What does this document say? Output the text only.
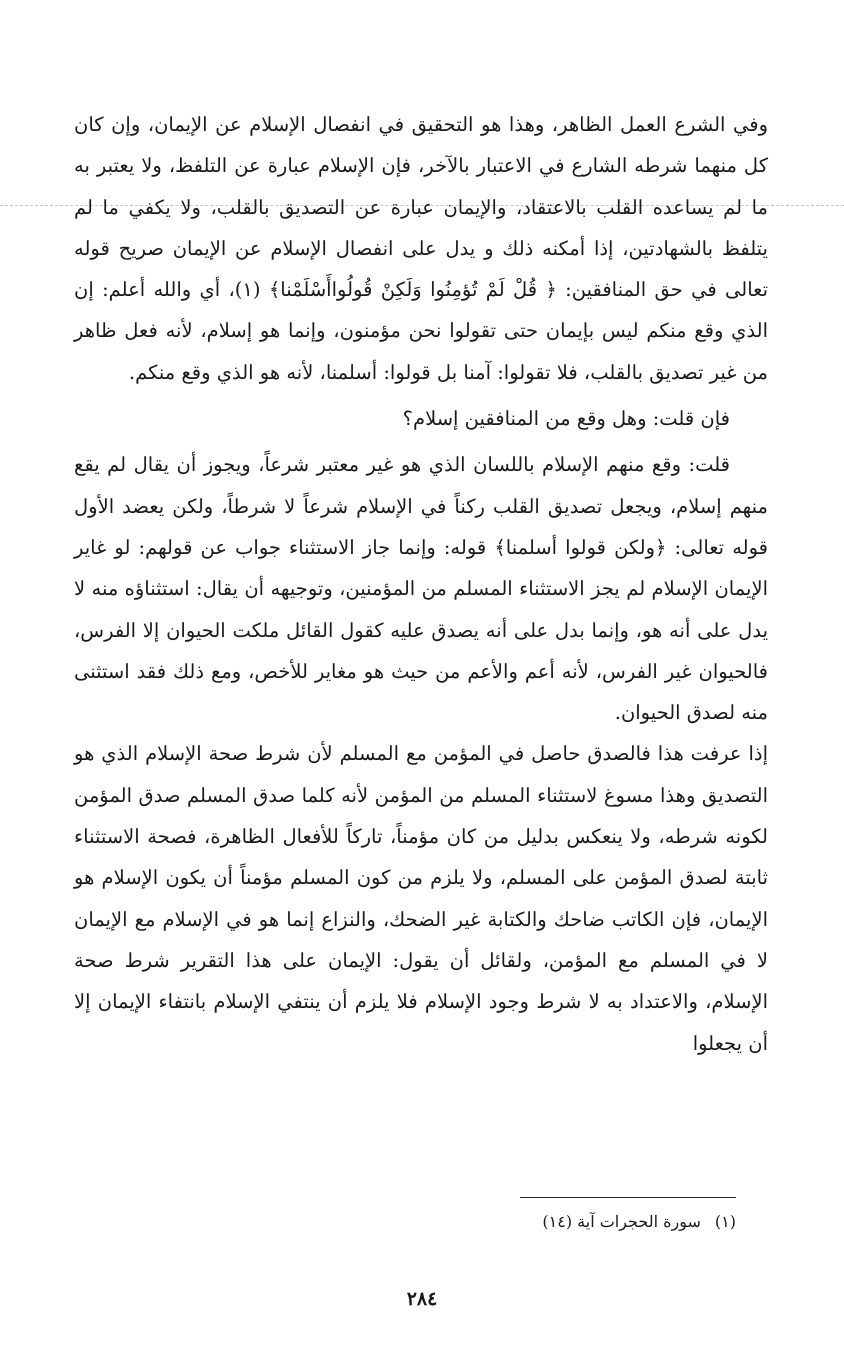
وفي الشرع العمل الظاهر، وهذا هو التحقيق في انفصال الإسلام عن الإيمان، وإن كان كل منهما شرطه الشارع في الاعتبار بالآخر، فإن الإسلام عبارة عن التلفظ، ولا يعتبر به ما لم يساعده القلب بالاعتقاد، والإيمان عبارة عن التصديق بالقلب، ولا يكفي ما لم يتلفظ بالشهادتين، إذا أمكنه ذلك و يدل على انفصال الإسلام عن الإيمان صريح قوله تعالى في حق المنافقين: ﴿ قُلْ لَمْ تُؤمِنُوا وَلَكِنْ قُولُواأَسْلَمْنا﴾ (١)، أي والله أعلم: إن الذي وقع منكم ليس بإيمان حتى تقولوا نحن مؤمنون، وإنما هو إسلام، لأنه فعل ظاهر من غير تصديق بالقلب، فلا تقولوا: آمنا بل قولوا: أسلمنا، لأنه هو الذي وقع منكم.

فإن قلت: وهل وقع من المنافقين إسلام؟

قلت: وقع منهم الإسلام باللسان الذي هو غير معتبر شرعاً، ويجوز أن يقال لم يقع منهم إسلام، ويجعل تصديق القلب ركناً في الإسلام شرعاً لا شرطاً، ولكن يعضد الأول قوله تعالى: ﴿ولكن قولوا أسلمنا﴾ قوله: وإنما جاز الاستثناء جواب عن قولهم: لو غاير الإيمان الإسلام لم يجز الاستثناء المسلم من المؤمنين، وتوجيهه أن يقال: استثناؤه منه لا يدل على أنه هو، وإنما بدل على أنه يصدق عليه كقول القائل ملكت الحيوان إلا الفرس، فالحيوان غير الفرس، لأنه أعم والأعم من حيث هو مغاير للأخص، ومع ذلك فقد استثنى منه لصدق الحيوان.

إذا عرفت هذا فالصدق حاصل في المؤمن مع المسلم لأن شرط صحة الإسلام الذي هو التصديق وهذا مسوغ لاستثناء المسلم من المؤمن لأنه كلما صدق المسلم صدق المؤمن لكونه شرطه، ولا ينعكس بدليل من كان مؤمناً، تاركاً للأفعال الظاهرة، فصحة الاستثناء ثابتة لصدق المؤمن على المسلم، ولا يلزم من كون المسلم مؤمناً أن يكون الإسلام هو الإيمان، فإن الكاتب ضاحك والكتابة غير الضحك، والنزاع إنما هو في الإسلام مع الإيمان لا في المسلم مع المؤمن، ولقائل أن يقول: الإيمان على هذا التقرير شرط صحة الإسلام، والاعتداد به لا شرط وجود الإسلام فلا يلزم أن ينتفي الإسلام بانتفاء الإيمان إلا أن يجعلوا

(١)سورة الحجرات آية (١٤)
٢٨٤
